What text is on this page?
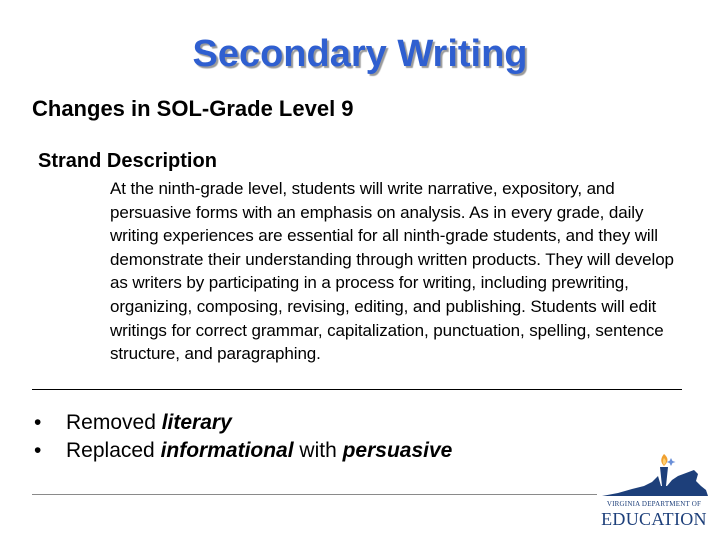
Secondary Writing
Changes in SOL-Grade Level 9
Strand Description

At the ninth-grade level, students will write narrative, expository, and persuasive forms with an emphasis on analysis. As in every grade, daily writing experiences are essential for all ninth-grade students, and they will demonstrate their understanding through written products. They will develop as writers by participating in a process for writing, including prewriting, organizing, composing, revising, editing, and publishing. Students will edit writings for correct grammar, capitalization, punctuation, spelling, sentence structure, and paragraphing.

• Removed literary
• Replaced informational with persuasive
VIRGINIA DEPARTMENT OF
EDUCATION
